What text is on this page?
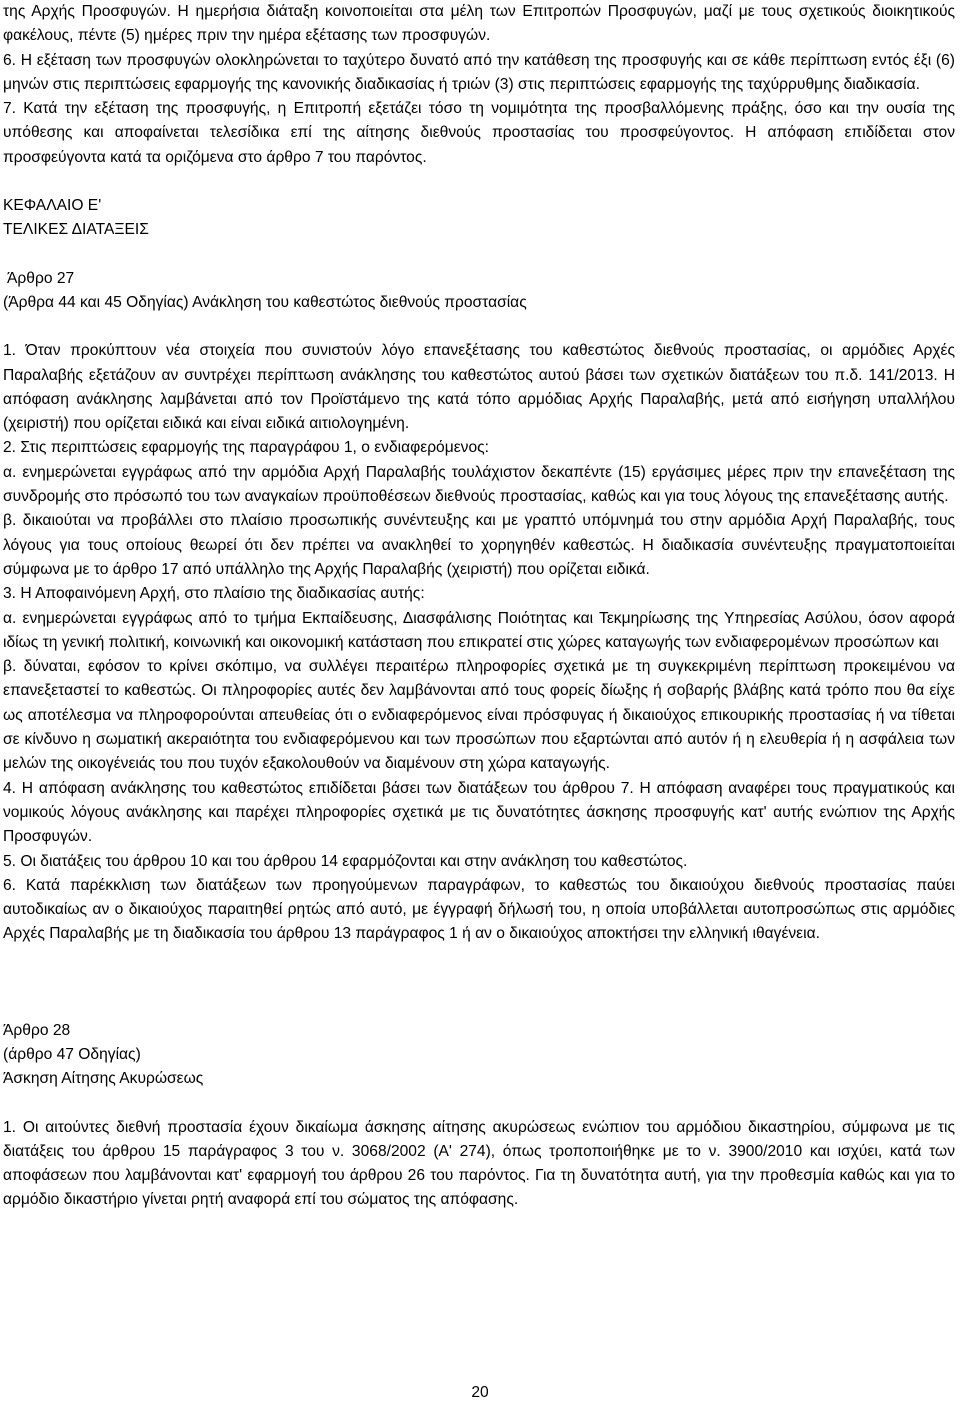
της Αρχής Προσφυγών. Η ημερήσια διάταξη κοινοποιείται στα μέλη των Επιτροπών Προσφυγών, μαζί με τους σχετικούς διοικητικούς φακέλους, πέντε (5) ημέρες πριν την ημέρα εξέτασης των προσφυγών.

6. Η εξέταση των προσφυγών ολοκληρώνεται το ταχύτερο δυνατό από την κατάθεση της προσφυγής και σε κάθε περίπτωση εντός έξι (6) μηνών στις περιπτώσεις εφαρμογής της κανονικής διαδικασίας ή τριών (3) στις περιπτώσεις εφαρμογής της ταχύρρυθμης διαδικασία.

7. Κατά την εξέταση της προσφυγής, η Επιτροπή εξετάζει τόσο τη νομιμότητα της προσβαλλόμενης πράξης, όσο και την ουσία της υπόθεσης και αποφαίνεται τελεσίδικα επί της αίτησης διεθνούς προστασίας του προσφεύγοντος. Η απόφαση επιδίδεται στον προσφεύγοντα κατά τα οριζόμενα στο άρθρο 7 του παρόντος.

ΚΕΦΑΛΑΙΟ Ε'

ΤΕΛΙΚΕΣ ΔΙΑΤΑΞΕΙΣ

Άρθρο 27

(Άρθρα 44 και 45 Οδηγίας) Ανάκληση του καθεστώτος διεθνούς προστασίας

1. Όταν προκύπτουν νέα στοιχεία που συνιστούν λόγο επανεξέτασης του καθεστώτος διεθνούς προστασίας, οι αρμόδιες Αρχές Παραλαβής εξετάζουν αν συντρέχει περίπτωση ανάκλησης του καθεστώτος αυτού βάσει των σχετικών διατάξεων του π.δ. 141/2013. Η απόφαση ανάκλησης λαμβάνεται από τον Προϊστάμενο της κατά τόπο αρμόδιας Αρχής Παραλαβής, μετά από εισήγηση υπαλλήλου (χειριστή) που ορίζεται ειδικά και είναι ειδικά αιτιολογημένη.

2. Στις περιπτώσεις εφαρμογής της παραγράφου 1, ο ενδιαφερόμενος:

α. ενημερώνεται εγγράφως από την αρμόδια Αρχή Παραλαβής τουλάχιστον δεκαπέντε (15) εργάσιμες μέρες πριν την επανεξέταση της συνδρομής στο πρόσωπό του των αναγκαίων προϋποθέσεων διεθνούς προστασίας, καθώς και για τους λόγους της επανεξέτασης αυτής.

β. δικαιούται να προβάλλει στο πλαίσιο προσωπικής συνέντευξης και με γραπτό υπόμνημά του στην αρμόδια Αρχή Παραλαβής, τους λόγους για τους οποίους θεωρεί ότι δεν πρέπει να ανακληθεί το χορηγηθέν καθεστώς. Η διαδικασία συνέντευξης πραγματοποιείται σύμφωνα με το άρθρο 17 από υπάλληλο της Αρχής Παραλαβής (χειριστή) που ορίζεται ειδικά.

3. Η Αποφαινόμενη Αρχή, στο πλαίσιο της διαδικασίας αυτής:

α. ενημερώνεται εγγράφως από το τμήμα Εκπαίδευσης, Διασφάλισης Ποιότητας και Τεκμηρίωσης της Υπηρεσίας Ασύλου, όσον αφορά ιδίως τη γενική πολιτική, κοινωνική και οικονομική κατάσταση που επικρατεί στις χώρες καταγωγής των ενδιαφερομένων προσώπων και

β. δύναται, εφόσον το κρίνει σκόπιμο, να συλλέγει περαιτέρω πληροφορίες σχετικά με τη συγκεκριμένη περίπτωση προκειμένου να επανεξεταστεί το καθεστώς. Οι πληροφορίες αυτές δεν λαμβάνονται από τους φορείς δίωξης ή σοβαρής βλάβης κατά τρόπο που θα είχε ως αποτέλεσμα να πληροφορούνται απευθείας ότι ο ενδιαφερόμενος είναι πρόσφυγας ή δικαιούχος επικουρικής προστασίας ή να τίθεται σε κίνδυνο η σωματική ακεραιότητα του ενδιαφερόμενου και των προσώπων που εξαρτώνται από αυτόν ή η ελευθερία ή η ασφάλεια των μελών της οικογένειάς του που τυχόν εξακολουθούν να διαμένουν στη χώρα καταγωγής.

4. Η απόφαση ανάκλησης του καθεστώτος επιδίδεται βάσει των διατάξεων του άρθρου 7. Η απόφαση αναφέρει τους πραγματικούς και νομικούς λόγους ανάκλησης και παρέχει πληροφορίες σχετικά με τις δυνατότητες άσκησης προσφυγής κατ' αυτής ενώπιον της Αρχής Προσφυγών.

5. Οι διατάξεις του άρθρου 10 και του άρθρου 14 εφαρμόζονται και στην ανάκληση του καθεστώτος.

6. Κατά παρέκκλιση των διατάξεων των προηγούμενων παραγράφων, το καθεστώς του δικαιούχου διεθνούς προστασίας παύει αυτοδικαίως αν ο δικαιούχος παραιτηθεί ρητώς από αυτό, με έγγραφή δήλωσή του, η οποία υποβάλλεται αυτοπροσώπως στις αρμόδιες Αρχές Παραλαβής με τη διαδικασία του άρθρου 13 παράγραφος 1 ή αν ο δικαιούχος αποκτήσει την ελληνική ιθαγένεια.

Άρθρο 28

(άρθρο 47 Οδηγίας)

Άσκηση Αίτησης Ακυρώσεως

1. Οι αιτούντες διεθνή προστασία έχουν δικαίωμα άσκησης αίτησης ακυρώσεως ενώπιον του αρμόδιου δικαστηρίου, σύμφωνα με τις διατάξεις του άρθρου 15 παράγραφος 3 του ν. 3068/2002 (Α' 274), όπως τροποποιήθηκε με το ν. 3900/2010 και ισχύει, κατά των αποφάσεων που λαμβάνονται κατ' εφαρμογή του άρθρου 26 του παρόντος. Για τη δυνατότητα αυτή, για την προθεσμία καθώς και για το αρμόδιο δικαστήριο γίνεται ρητή αναφορά επί του σώματος της απόφασης.

20
